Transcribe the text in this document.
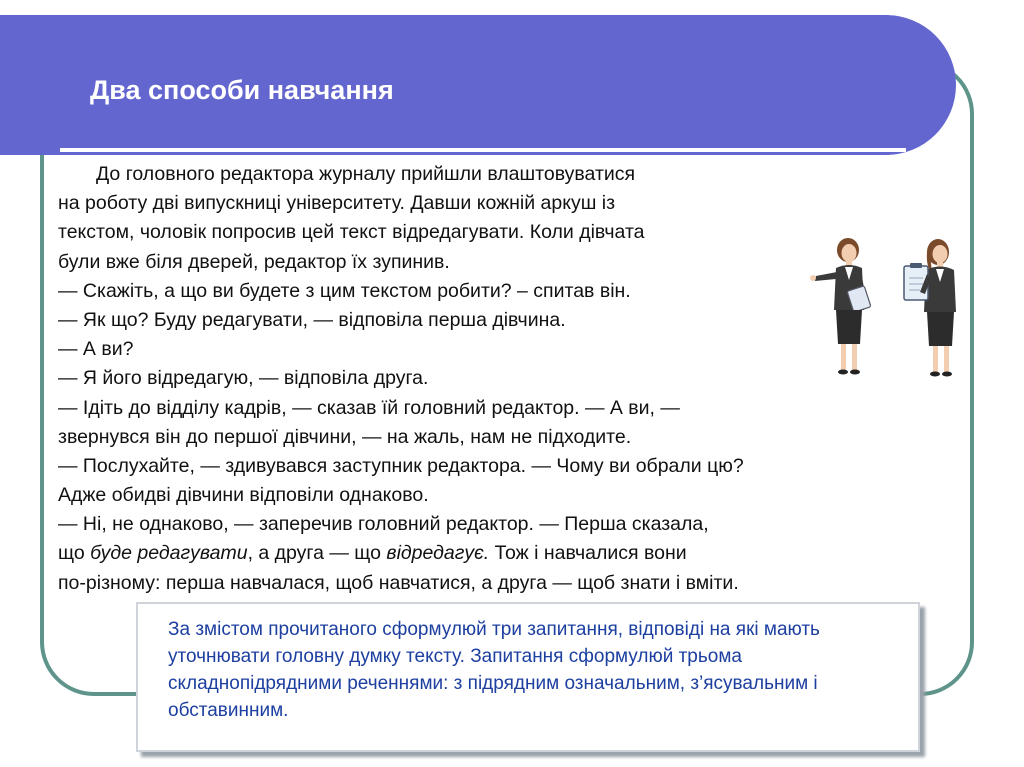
Два способи навчання
До головного редактора журналу прийшли влаштовуватися
на роботу дві випускниці університету. Давши кожній аркуш із
текстом, чоловік попросив цей текст відредагувати. Коли дівчата
були вже біля дверей, редактор їх зупинив.
— Скажіть, а що ви будете з цим текстом робити? – спитав він.
— Як що? Буду редагувати, — відповіла перша дівчина.
— А ви?
— Я його відредагую, — відповіла друга.
— Ідіть до відділу кадрів, — сказав їй головний редактор. — А ви, —
звернувся він до першої дівчини, — на жаль, нам не підходите.
— Послухайте, — здивувався заступник редактора. — Чому ви обрали цю?
Адже обидві дівчини відповіли однаково.
— Ні, не однаково, — заперечив головний редактор. — Перша сказала,
що буде редагувати, а друга — що відредагує. Тож і навчалися вони
по-різному: перша навчалася, щоб навчатися, а друга — щоб знати і вміти.

За змістом прочитаного сформулюй три запитання, відповіді на які мають уточнювати головну думку тексту. Запитання сформулюй трьома складнопідрядними реченнями: з підрядним означальним, з’ясувальним і обставинним.
